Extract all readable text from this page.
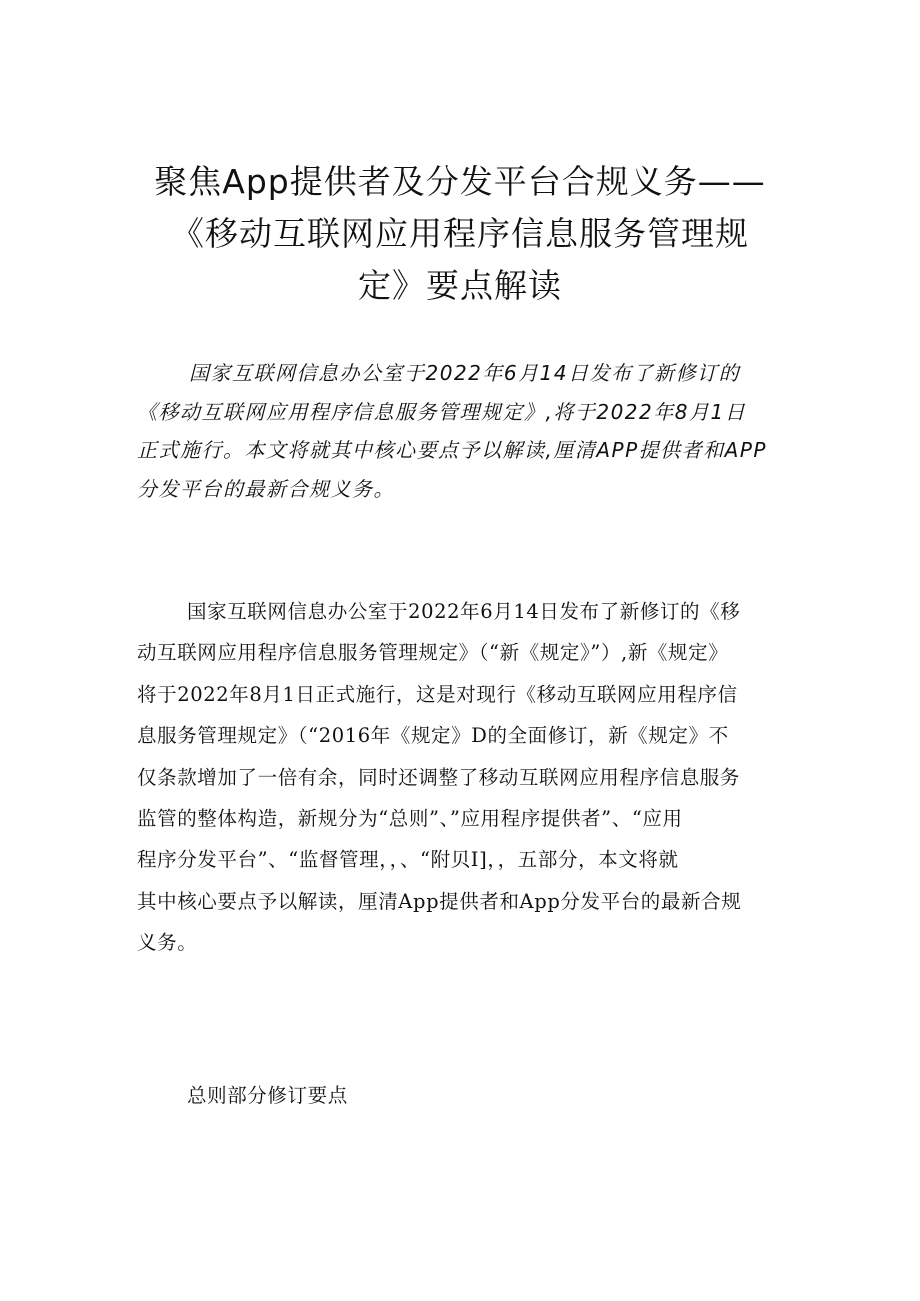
聚焦App提供者及分发平台合规义务——
《移动互联网应用程序信息服务管理规
定》要点解读

国家互联网信息办公室于2022年6月14日发布了新修订的
《移动互联网应用程序信息服务管理规定》,将于2022年8月1日
正式施行。本文将就其中核心要点予以解读,厘清APP提供者和APP
分发平台的最新合规义务。

国家互联网信息办公室于2022年6月14日发布了新修订的《移
动互联网应用程序信息服务管理规定》（“新《规定》”）,新《规定》
将于2022年8月1日正式施行，这是对现行《移动互联网应用程序信
息服务管理规定》（“2016年《规定》D的全面修订，新《规定》不
仅条款增加了一倍有余，同时还调整了移动互联网应用程序信息服务
监管的整体构造，新规分为“总则”、”应用程序提供者”、“应用
程序分发平台”、“监督管理，，、“附贝I]，，五部分，本文将就
其中核心要点予以解读，厘清App提供者和App分发平台的最新合规
义务。

总则部分修订要点
